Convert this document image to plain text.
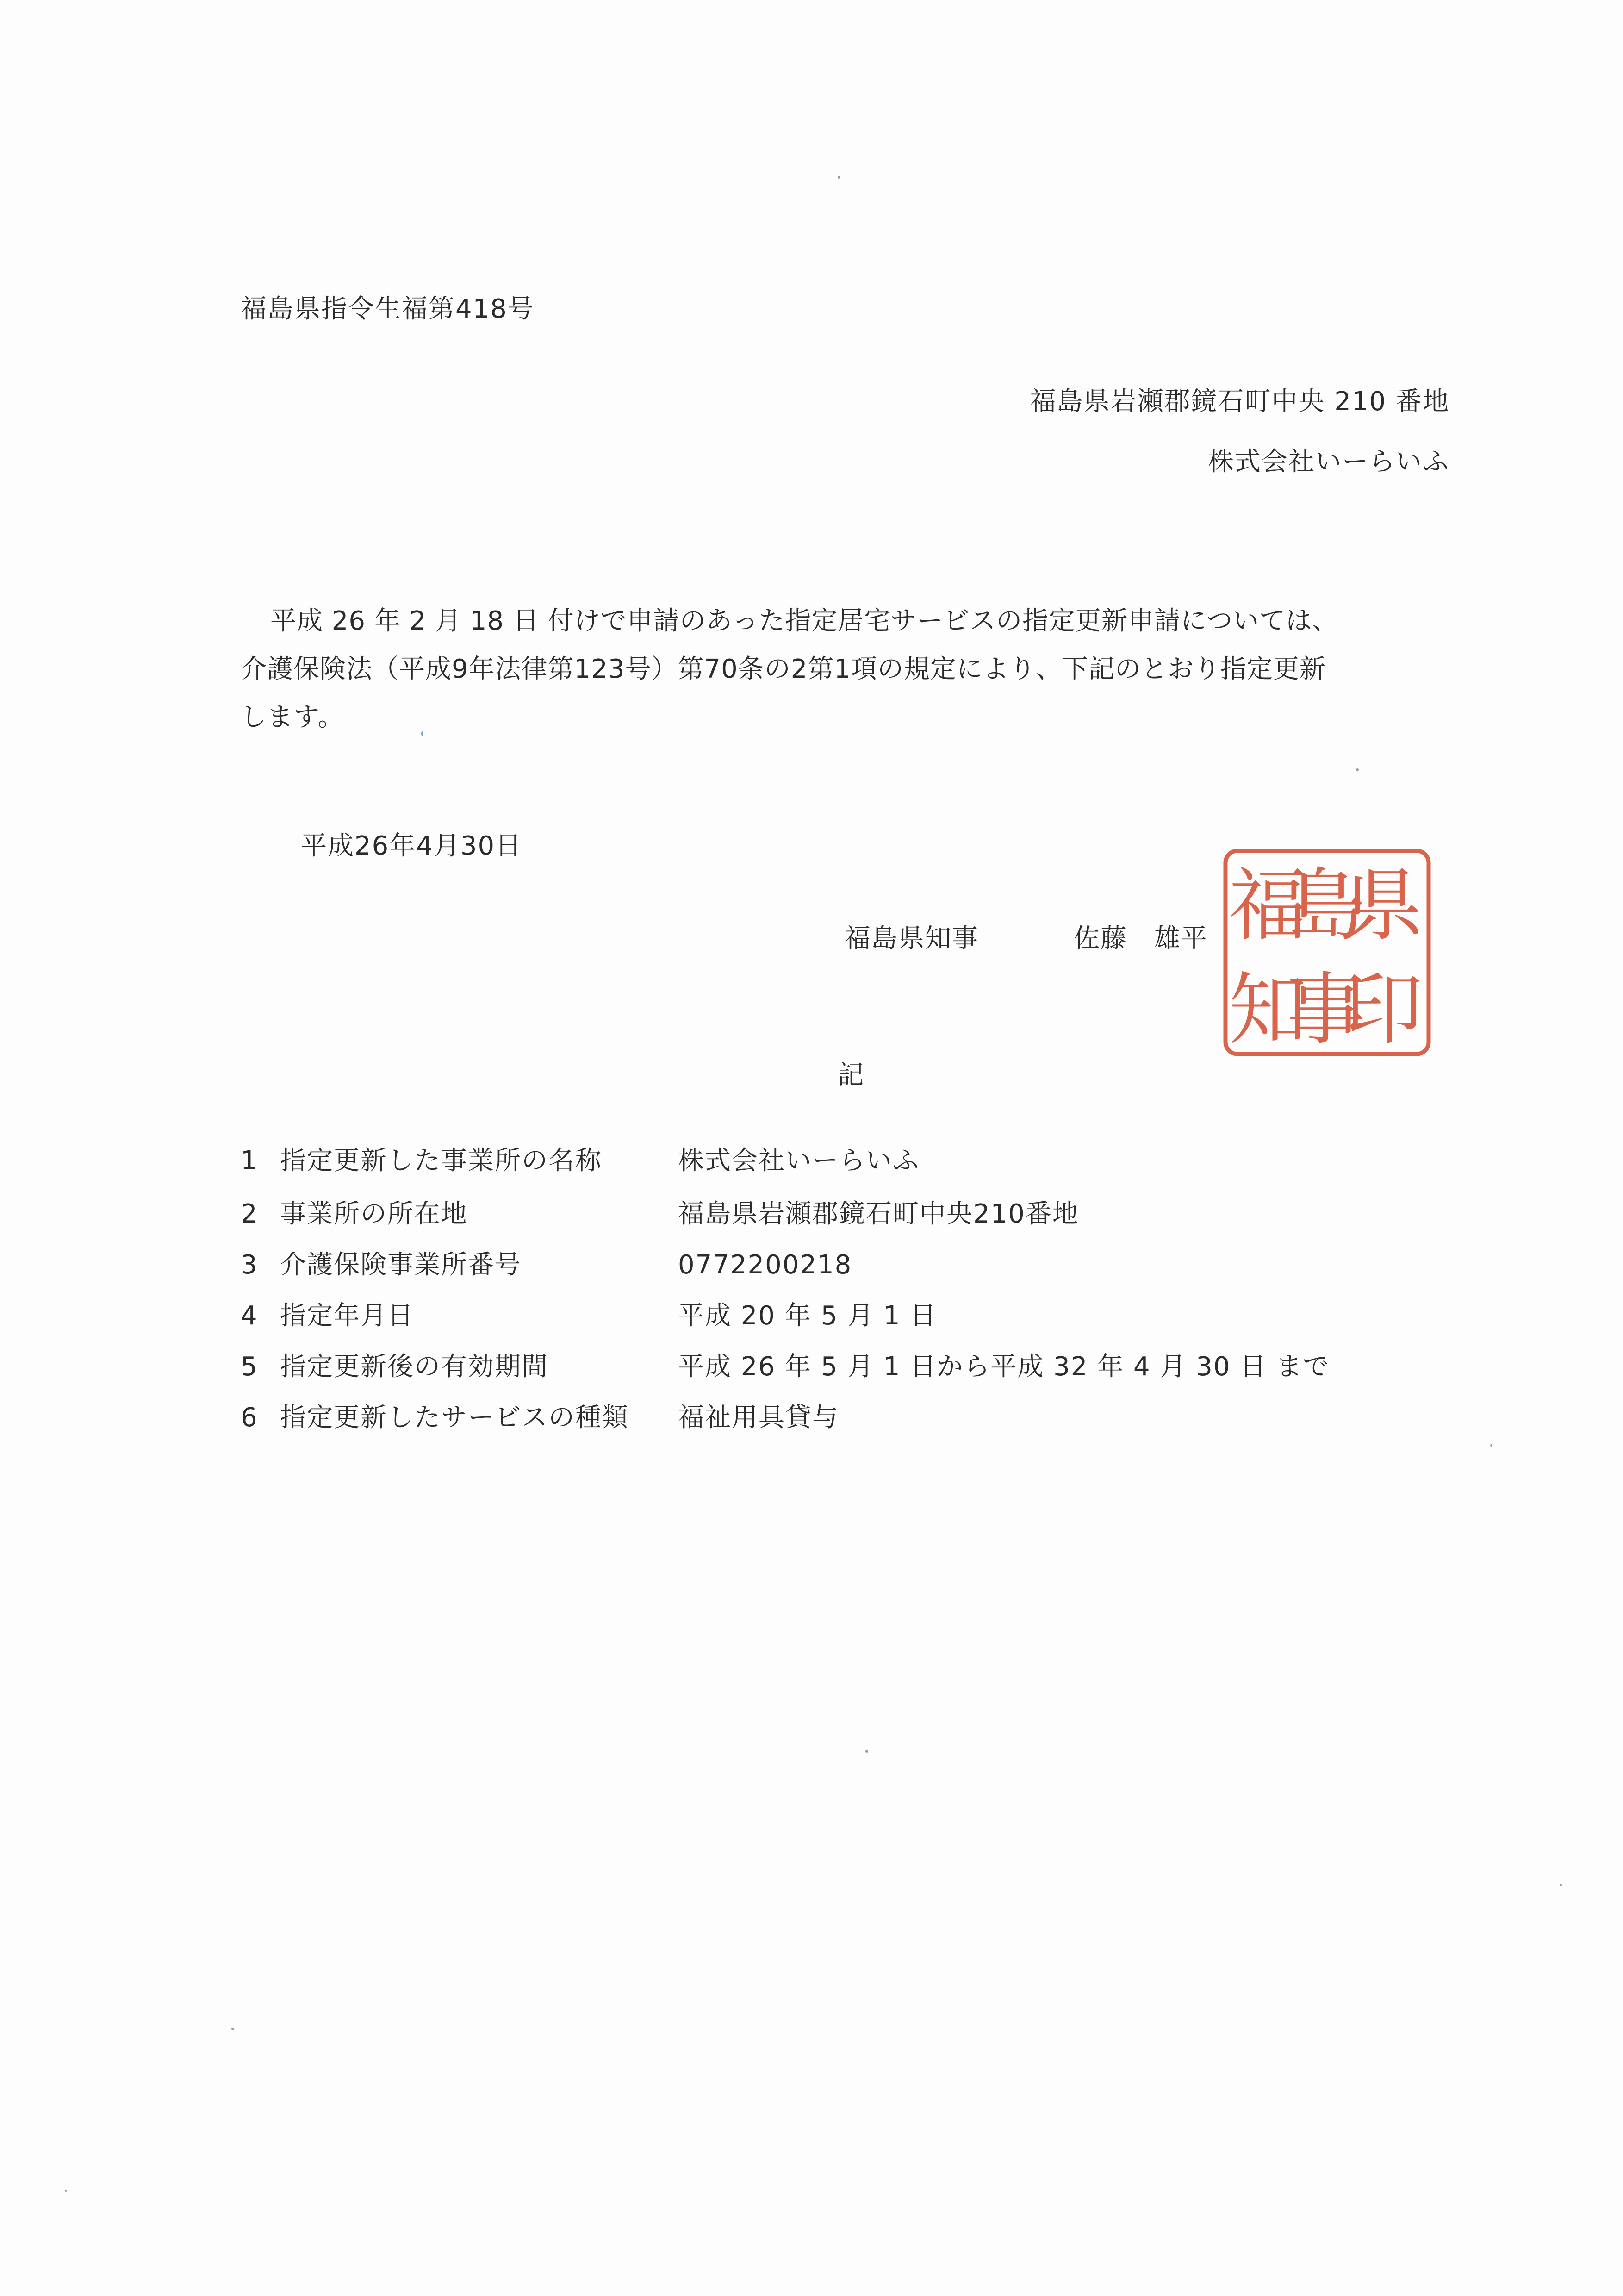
福島県指令生福第418号
福島県岩瀬郡鏡石町中央 210 番地
株式会社いーらいふ
平成 26 年 2 月 18 日 付けで申請のあった指定居宅サービスの指定更新申請については、
介護保険法（平成9年法律第123号）第70条の2第1項の規定により、下記のとおり指定更新
します。
平成26年4月30日
福島県知事	佐藤　雄平 県
印
島
事
福
知
記
1 指定更新した事業所の名称	株式会社いーらいふ
2 事業所の所在地	福島県岩瀬郡鏡石町中央210番地
3 介護保険事業所番号	0772200218
4 指定年月日	平成 20 年 5 月 1 日
5 指定更新後の有効期間	平成 26 年 5 月 1 日から平成 32 年 4 月 30 日 まで
6 指定更新したサービスの種類 福祉用具貸与
